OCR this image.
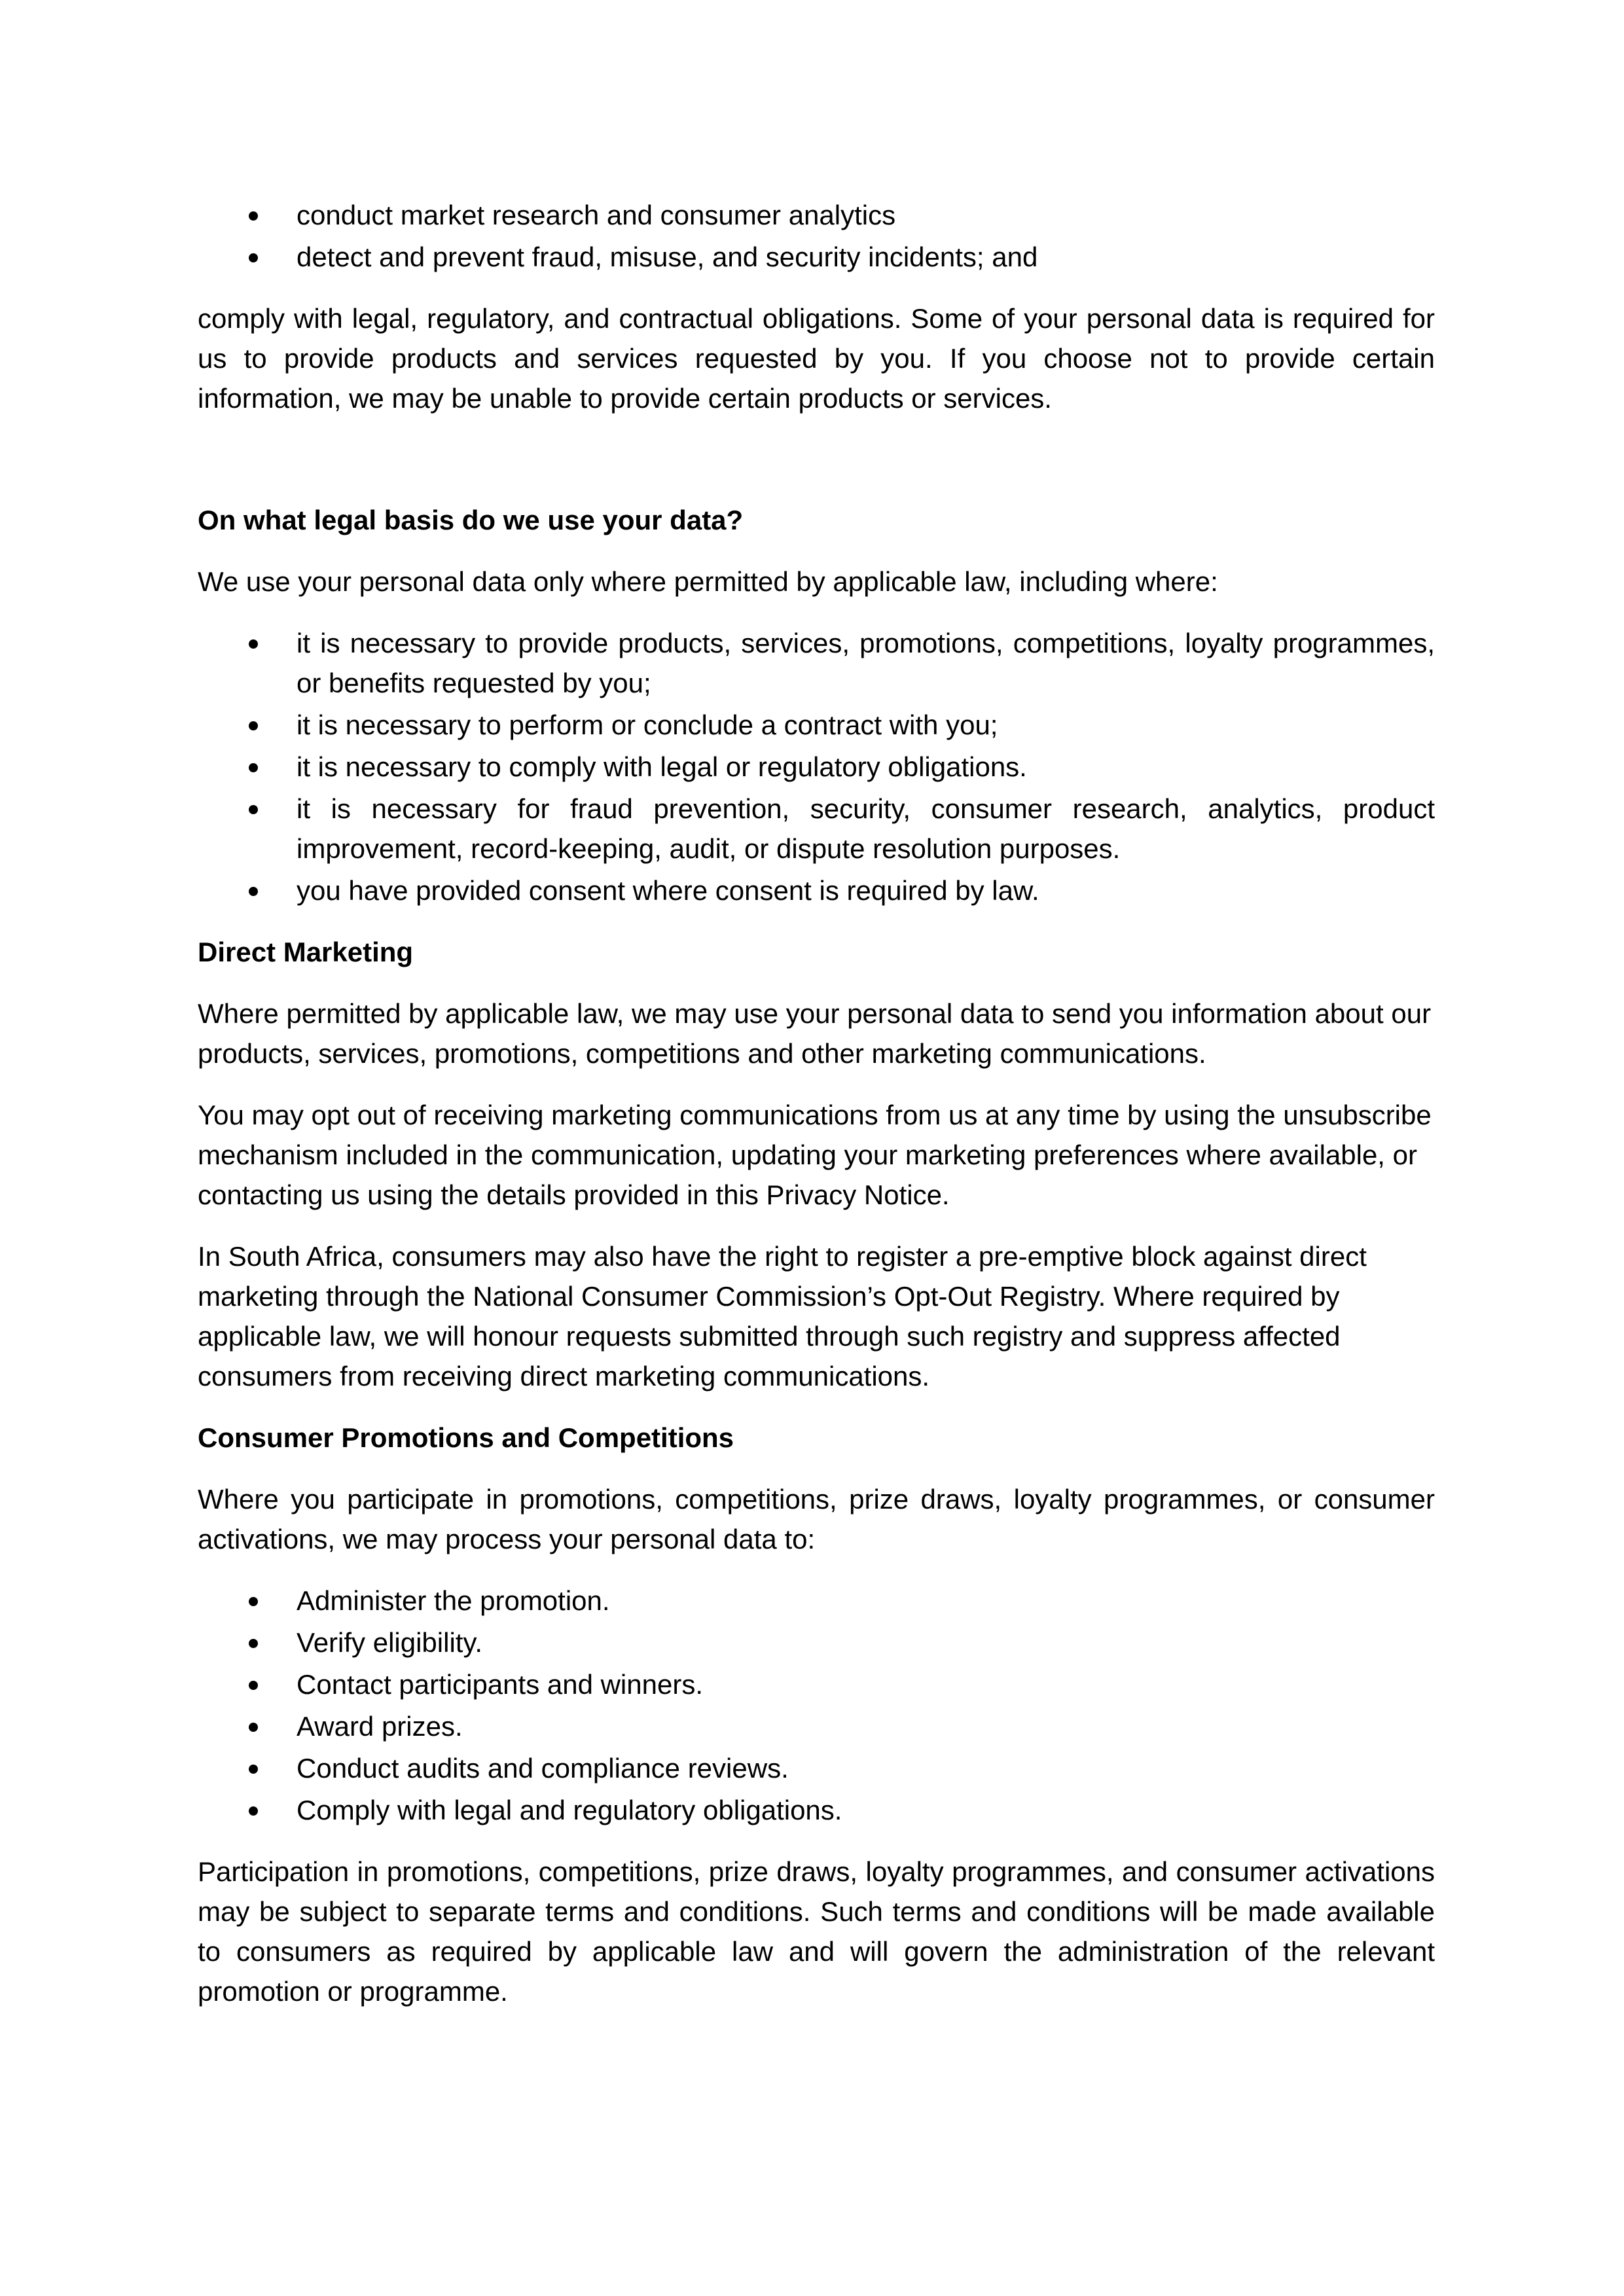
conduct market research and consumer analytics
detect and prevent fraud, misuse, and security incidents; and

comply with legal, regulatory, and contractual obligations. Some of your personal data is required for us to provide products and services requested by you. If you choose not to provide certain information, we may be unable to provide certain products or services.

On what legal basis do we use your data?

We use your personal data only where permitted by applicable law, including where:

it is necessary to provide products, services, promotions, competitions, loyalty programmes, or benefits requested by you;
it is necessary to perform or conclude a contract with you;
it is necessary to comply with legal or regulatory obligations.
it is necessary for fraud prevention, security, consumer research, analytics, product improvement, record-keeping, audit, or dispute resolution purposes.
you have provided consent where consent is required by law.
Direct Marketing

Where permitted by applicable law, we may use your personal data to send you information about our products, services, promotions, competitions and other marketing communications.

You may opt out of receiving marketing communications from us at any time by using the unsubscribe mechanism included in the communication, updating your marketing preferences where available, or contacting us using the details provided in this Privacy Notice.

In South Africa, consumers may also have the right to register a pre-emptive block against direct marketing through the National Consumer Commission’s Opt-Out Registry. Where required by applicable law, we will honour requests submitted through such registry and suppress affected consumers from receiving direct marketing communications.

Consumer Promotions and Competitions

Where you participate in promotions, competitions, prize draws, loyalty programmes, or consumer activations, we may process your personal data to:

Administer the promotion.
Verify eligibility.
Contact participants and winners.
Award prizes.
Conduct audits and compliance reviews.
Comply with legal and regulatory obligations.

Participation in promotions, competitions, prize draws, loyalty programmes, and consumer activations may be subject to separate terms and conditions. Such terms and conditions will be made available to consumers as required by applicable law and will govern the administration of the relevant promotion or programme.
